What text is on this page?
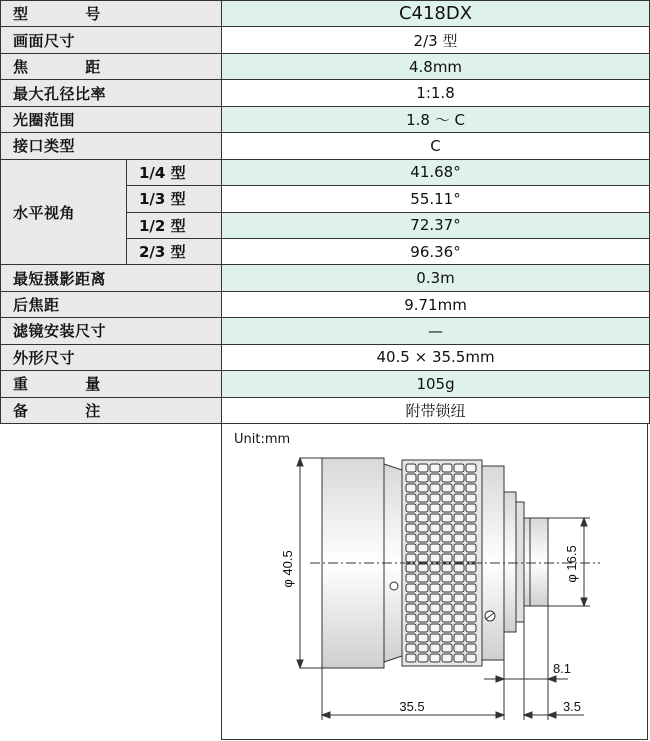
型 号		C418DX
画面尺寸		2/3 型
焦 距		4.8mm
最大孔径比率		1:1.8
光圈范围		1.8 ～ C
接口类型		C
水平视角	1/4 型	41.68°
	1/3 型	55.11°
	1/2 型	72.37°
	2/3 型	96.36°
最短摄影距离		0.3m
后焦距		9.71mm
滤镜安装尺寸		—
外形尺寸		40.5 × 35.5mm
重 量		105g
备 注		附带锁纽
Unit:mm
φ 40.5	φ 16.5
8.1
35.5	3.5
